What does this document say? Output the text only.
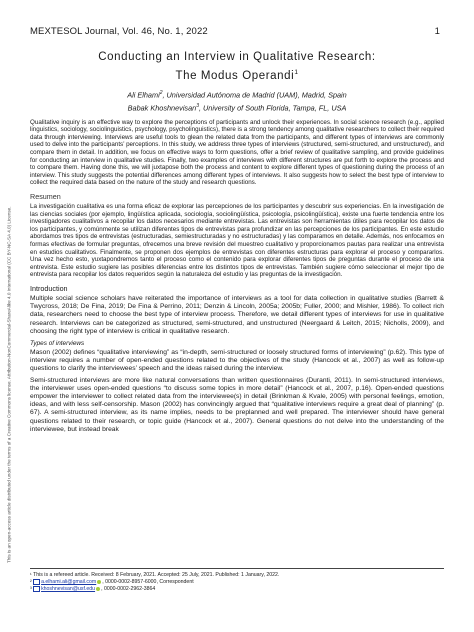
This is an open-access article distributed under the terms of a Creative Commons license. Attribution-NonCommercial-ShareAlike 4.0 International (CC BY-NC-SA 4.0) License.
MEXTESOL Journal, Vol. 46, No. 1, 2022	1
Conducting an Interview in Qualitative Research:
The Modus Operandi$^1$
Ali Elhami$^2$, Universidad Autónoma de Madrid (UAM), Madrid, Spain
Babak Khoshnevisan$^3$, University of South Florida, Tampa, FL, USA

Qualitative inquiry is an effective way to explore the perceptions of participants and unlock their experiences. In social science research (e.g., applied linguistics, sociology, sociolinguistics, psychology, psycholinguistics), there is a strong tendency among qualitative researchers to collect their required data through interviewing. Interviews are useful tools to glean the related data from the participants, and different types of interviews are commonly used to delve into the participants’ perceptions. In this study, we address three types of interviews (structured, semi-structured, and unstructured), and compare them in detail. In addition, we focus on effective ways to form questions, offer a brief review of qualitative sampling, and provide guidelines for conducting an interview in qualitative studies. Finally, two examples of interviews with different structures are put forth to explore the process and to compare them. Having done this, we will juxtapose both the process and content to explore different types of questioning during the process of an interview. This study suggests the potential differences among different types of interviews. It also suggests how to select the best type of interview to collect the required data based on the nature of the study and research questions.

Resumen

La investigación cualitativa es una forma eficaz de explorar las percepciones de los participantes y descubrir sus experiencias. En la investigación de las ciencias sociales (por ejemplo, lingüística aplicada, sociología, sociolingüística, psicología, psicolingüística), existe una fuerte tendencia entre los investigadores cualitativos a recopilar los datos necesarios mediante entrevistas. Las entrevistas son herramientas útiles para recopilar los datos de los participantes, y comúnmente se utilizan diferentes tipos de entrevistas para profundizar en las percepciones de los participantes. En este estudio abordamos tres tipos de entrevistas (estructuradas, semiestructuradas y no estructuradas) y las comparamos en detalle. Además, nos enfocamos en formas efectivas de formular preguntas, ofrecemos una breve revisión del muestreo cualitativo y proporcionamos pautas para realizar una entrevista en estudios cualitativos. Finalmente, se proponen dos ejemplos de entrevistas con diferentes estructuras para explorar el proceso y compararlos. Una vez hecho esto, yuxtapondremos tanto el proceso como el contenido para explorar diferentes tipos de preguntas durante el proceso de una entrevista. Este estudio sugiere las posibles diferencias entre los distintos tipos de entrevistas. También sugiere cómo seleccionar el mejor tipo de entrevista para recopilar los datos requeridos según la naturaleza del estudio y las preguntas de la investigación.

Introduction

Multiple social science scholars have reiterated the importance of interviews as a tool for data collection in qualitative studies (Barrett & Twycross, 2018; De Fina, 2019; De Fina & Perrino, 2011; Denzin & Lincoln, 2005a; 2005b; Fuller, 2000; and Mishler, 1986). To collect rich data, researchers need to choose the best type of interview process. Therefore, we detail different types of interviews for use in qualitative research. Interviews can be categorized as structured, semi-structured, and unstructured (Neergaard & Leitch, 2015; Nicholls, 2009), and choosing the right type of interview is critical in qualitative research.

Types of interviews

Mason (2002) defines “qualitative interviewing” as “in-depth, semi-structured or loosely structured forms of interviewing” (p.62). This type of interview requires a number of open-ended questions related to the objectives of the study (Hancock et al., 2007) as well as follow-up questions to clarify the interviewees’ speech and the ideas raised during the interview.

Semi-structured interviews are more like natural conversations than written questionnaires (Duranti, 2011). In semi-structured interviews, the interviewer uses open-ended questions “to discuss some topics in more detail” (Hancock et al., 2007, p.16). Open-ended questions empower the interviewer to collect related data from the interviewee(s) in detail (Brinkman & Kvale, 2005) with personal feelings, emotion, ideas, and with less self-censorship. Mason (2002) has convincingly argued that “qualitative interviews require a great deal of planning” (p. 67). A semi-structured interview, as its name implies, needs to be preplanned and well prepared. The interviewer should have general questions related to their research, or topic guide (Hancock et al., 2007). General questions do not delve into the understanding of the interviewee, but instead break

¹ This is a refereed article. Received: 8 February, 2021. Accepted: 25 July, 2021. Published: 1 January, 2022.
² a.elhami.ali@gmail.com , 0000-0002-8957-6000, Correspondent
³ khoshnevisan@usf.edu , 0000-0002-2962-3864
